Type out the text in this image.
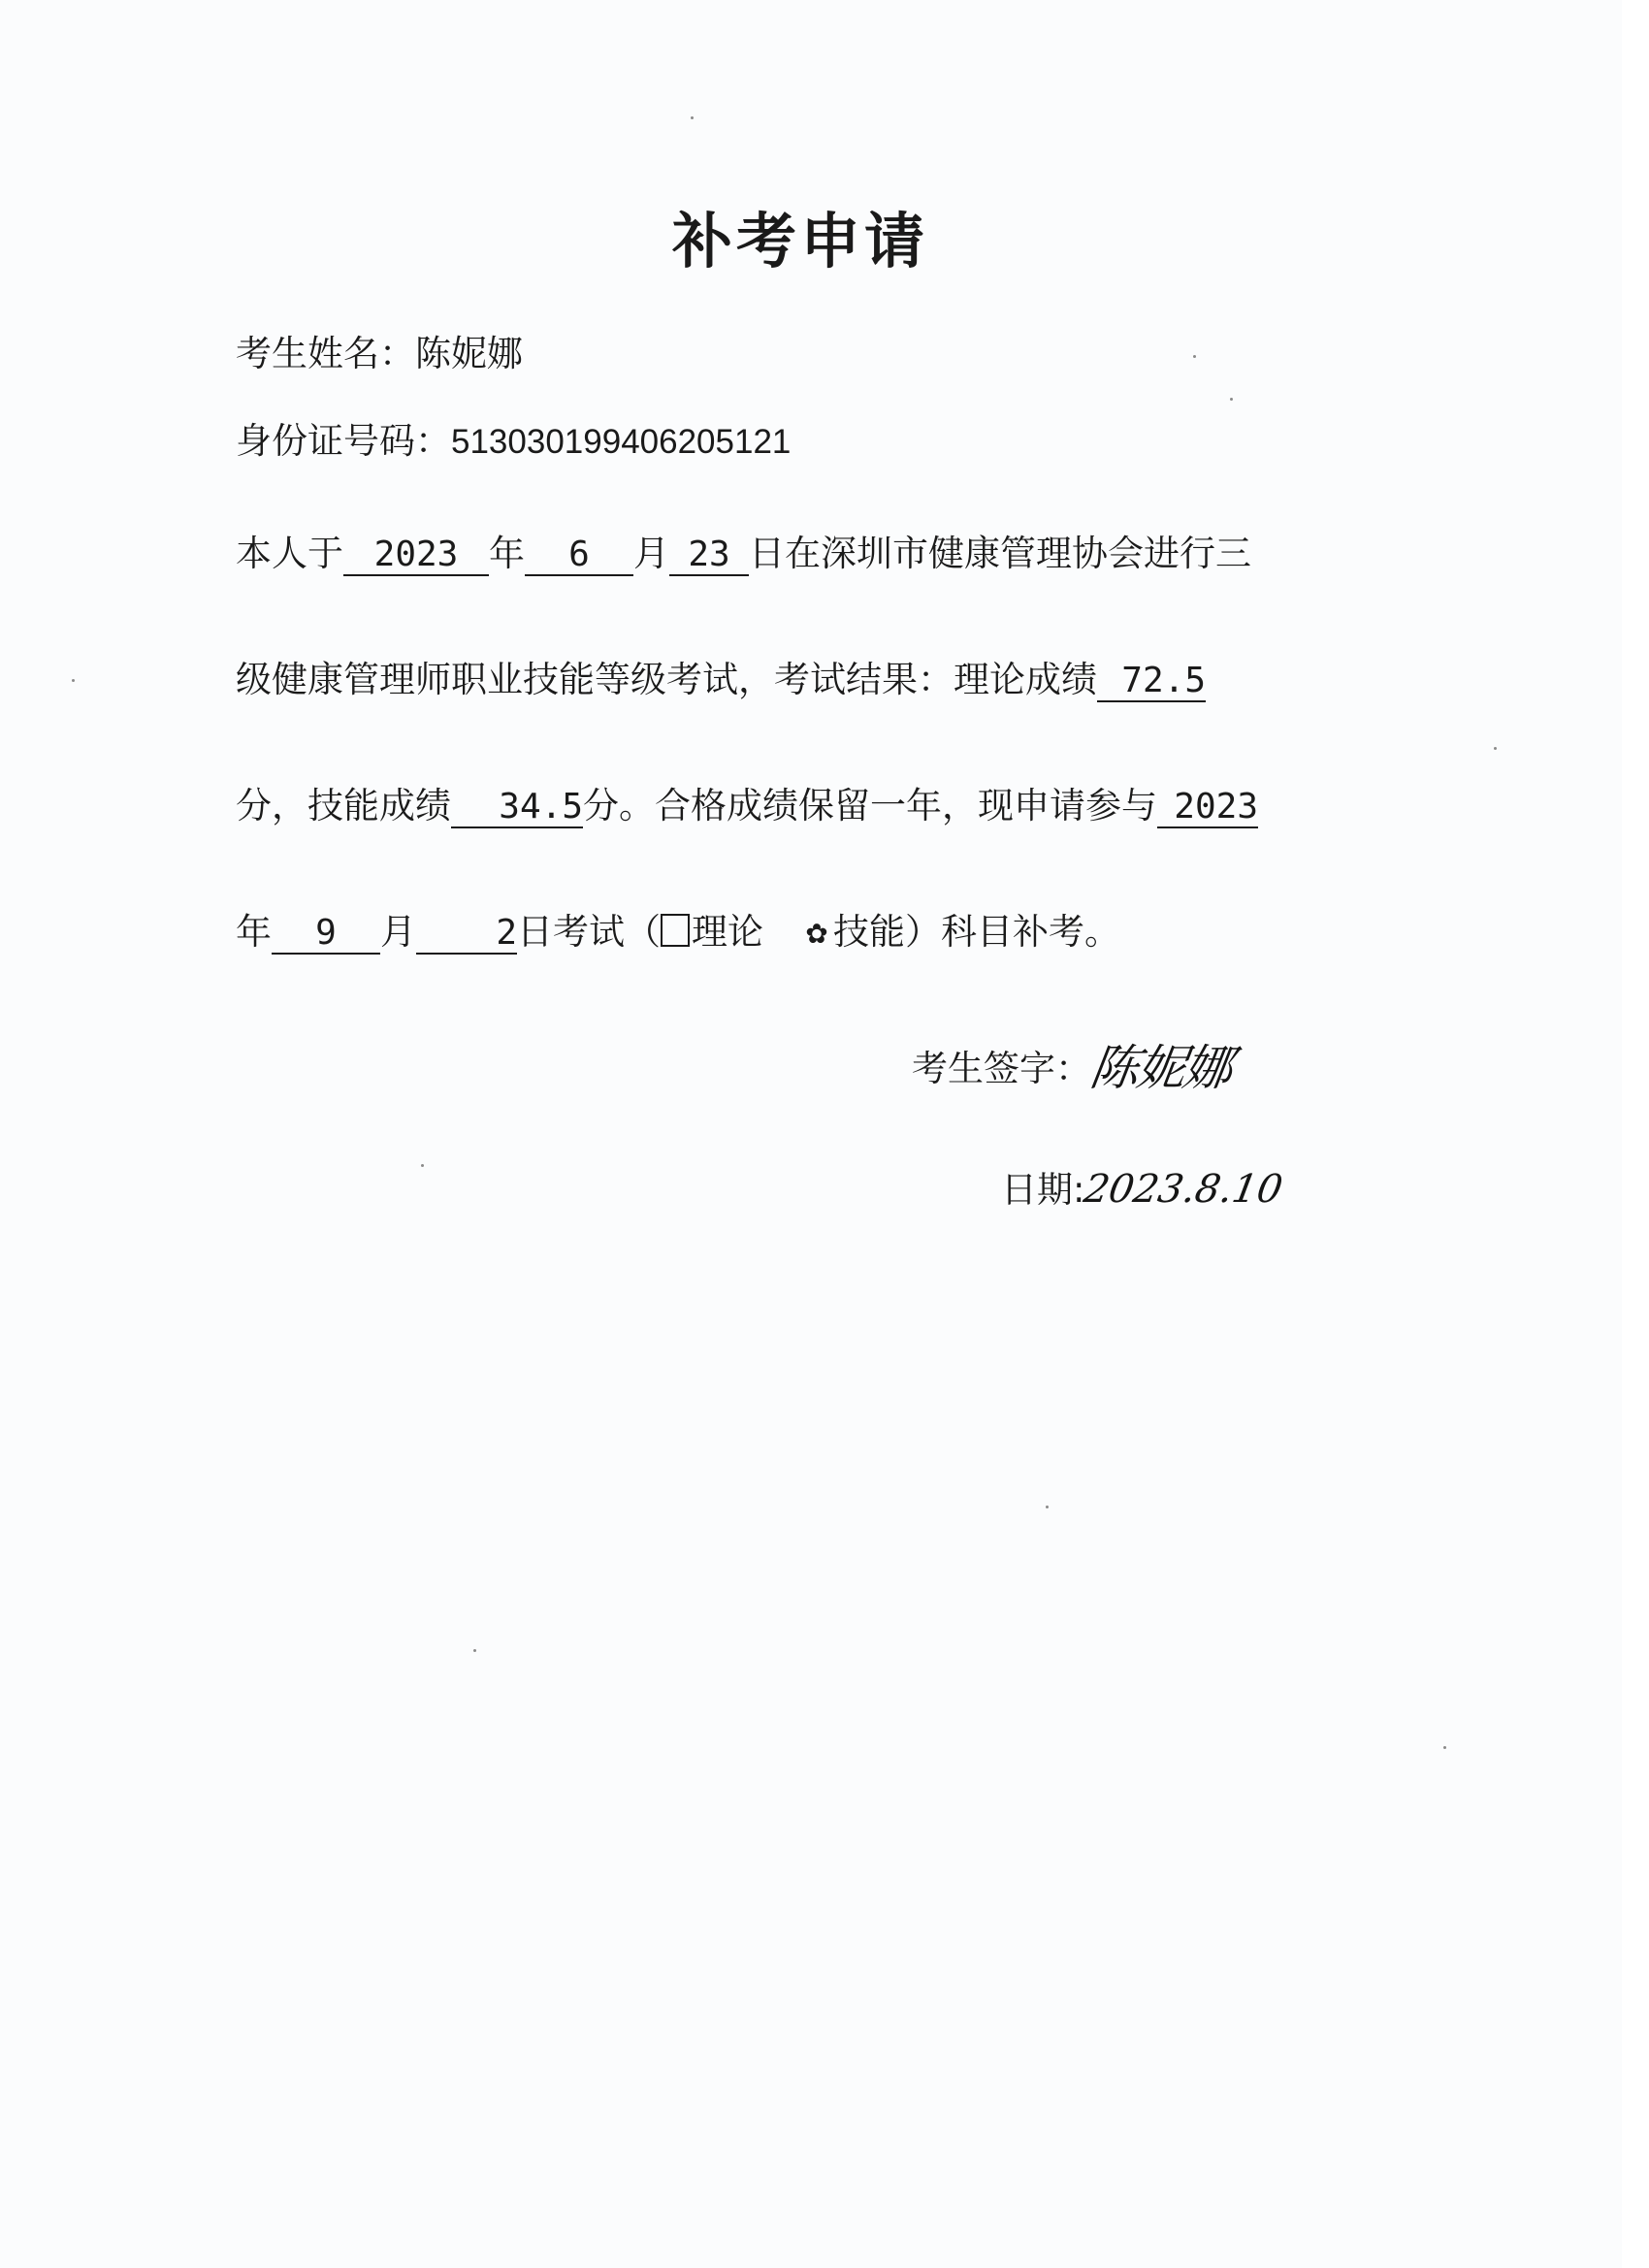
补考申请
考生姓名：陈妮娜
身份证号码：513030199406205121
本人于 2023 年 6 月 23 日在深圳市健康管理协会进行三
级健康管理师职业技能等级考试，考试结果：理论成绩 72.5
分，技能成绩 34.5分。合格成绩保留一年，现申请参与 2023
年 9 月 2日考试（ 理论 ✿ 技能）科目补考。
考生签字：陈妮娜
日期:2023.8.10
